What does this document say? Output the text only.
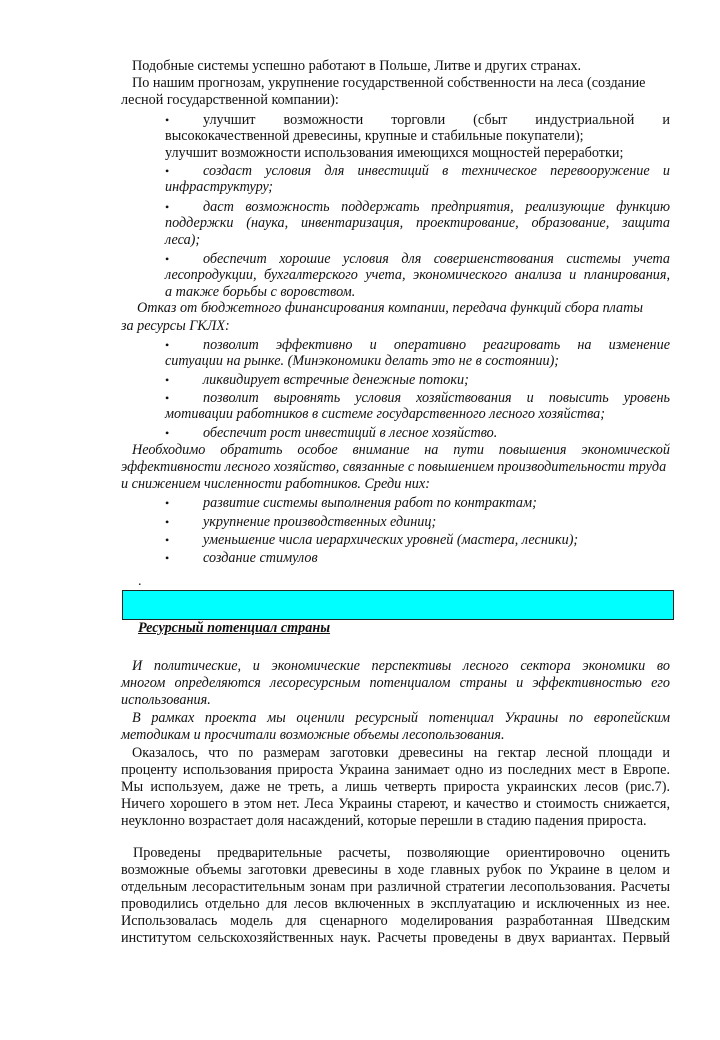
Подобные системы успешно работают в Польше, Литве и других странах.
По нашим прогнозам, укрупнение государственной собственности на леса (создание
лесной государственной компании):
• улучшит возможности торговли (сбыт индустриальной и
высококачественной древесины, крупные и стабильные покупатели);
улучшит возможности использования имеющихся мощностей переработки;
• создаст условия для инвестиций в техническое перевооружение и
инфраструктуру;
• даст возможность поддержать предприятия, реализующие функцию
поддержки (наука, инвентаризация, проектирование, образование, защита
леса);
• обеспечит хорошие условия для совершенствования системы учета
лесопродукции, бухгалтерского учета, экономического анализа и планирования,
а также борьбы с воровством.
Отказ от бюджетного финансирования компании, передача функций сбора платы
за ресурсы ГКЛХ:
• позволит эффективно и оперативно реагировать на изменение
ситуации на рынке. (Минэкономики делать это не в состоянии);
• ликвидирует встречные денежные потоки;
• позволит выровнять условия хозяйствования и повысить уровень
мотивации работников в системе государственного лесного хозяйства;
• обеспечит рост инвестиций в лесное хозяйство.
Необходимо обратить особое внимание на пути повышения экономической
эффективности лесного хозяйство, связанные с повышением производительности труда
и снижением численности работников. Среди них:
• развитие системы выполнения работ по контрактам;
• укрупнение производственных единиц;
• уменьшение числа иерархических уровней (мастера, лесники);
• создание стимулов
.
Ресурсный потенциал страны
И политические, и экономические перспективы лесного сектора экономики во
многом определяются лесоресурсным потенциалом страны и эффективностью его
использования.
В рамках проекта мы оценили ресурсный потенциал Украины по европейским
методикам и просчитали возможные объемы лесопользования.
Оказалось, что по размерам заготовки древесины на гектар лесной площади и
проценту использования прироста Украина занимает одно из последних мест в Европе.
Мы используем, даже не треть, а лишь четверть прироста украинских лесов (рис.7).
Ничего хорошего в этом нет. Леса Украины стареют, и качество и стоимость снижается,
неуклонно возрастает доля насаждений, которые перешли в стадию падения прироста.
Проведены предварительные расчеты, позволяющие ориентировочно оценить
возможные объемы заготовки древесины в ходе главных рубок по Украине в целом и
отдельным лесорастительным зонам при различной стратегии лесопользования. Расчеты
проводились отдельно для лесов включенных в эксплуатацию и исключенных из нее.
Использовалась модель для сценарного моделирования разработанная Шведским
институтом сельскохозяйственных наук. Расчеты проведены в двух вариантах. Первый
